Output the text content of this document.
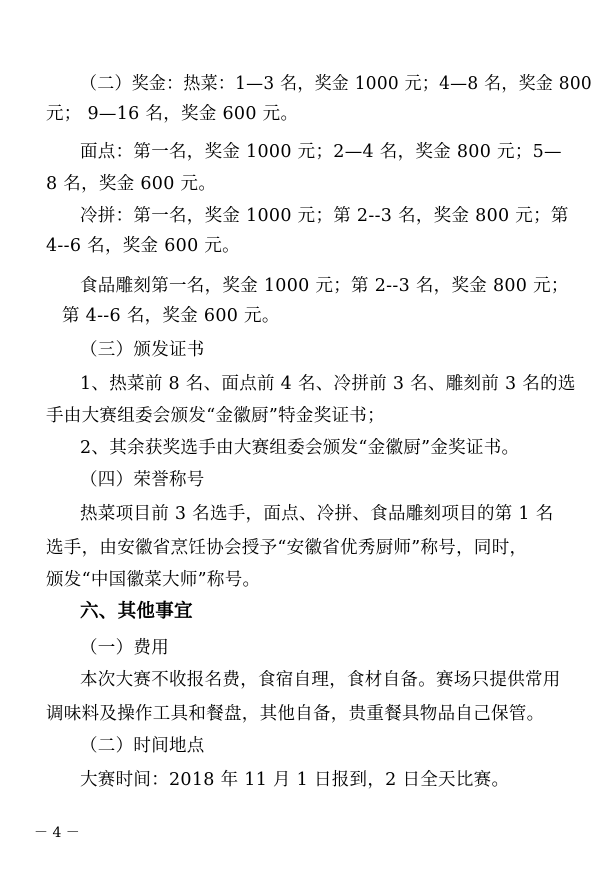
（二）奖金：热菜：1—3 名，奖金 1000 元；4—8 名，奖金 800

元； 9—16 名，奖金 600 元。

面点：第一名，奖金 1000 元；2—4 名，奖金 800 元；5—

8 名，奖金 600 元。

冷拼：第一名，奖金 1000 元；第 2--3 名，奖金 800 元；第

4--6 名，奖金 600 元。

食品雕刻第一名，奖金 1000 元；第 2--3 名，奖金 800 元；

第 4--6 名，奖金 600 元。

（三）颁发证书

1、热菜前 8 名、面点前 4 名、冷拼前 3 名、雕刻前 3 名的选

手由大赛组委会颁发“金徽厨”特金奖证书；

2、其余获奖选手由大赛组委会颁发“金徽厨”金奖证书。

（四）荣誉称号

热菜项目前 3 名选手，面点、冷拼、食品雕刻项目的第 1 名

选手，由安徽省烹饪协会授予“安徽省优秀厨师”称号，同时，

颁发“中国徽菜大师”称号。

六、其他事宜

（一）费用

本次大赛不收报名费，食宿自理，食材自备。赛场只提供常用

调味料及操作工具和餐盘，其他自备，贵重餐具物品自己保管。

（二）时间地点

大赛时间：2018 年 11 月 1 日报到，2 日全天比赛。

－ 4 －
